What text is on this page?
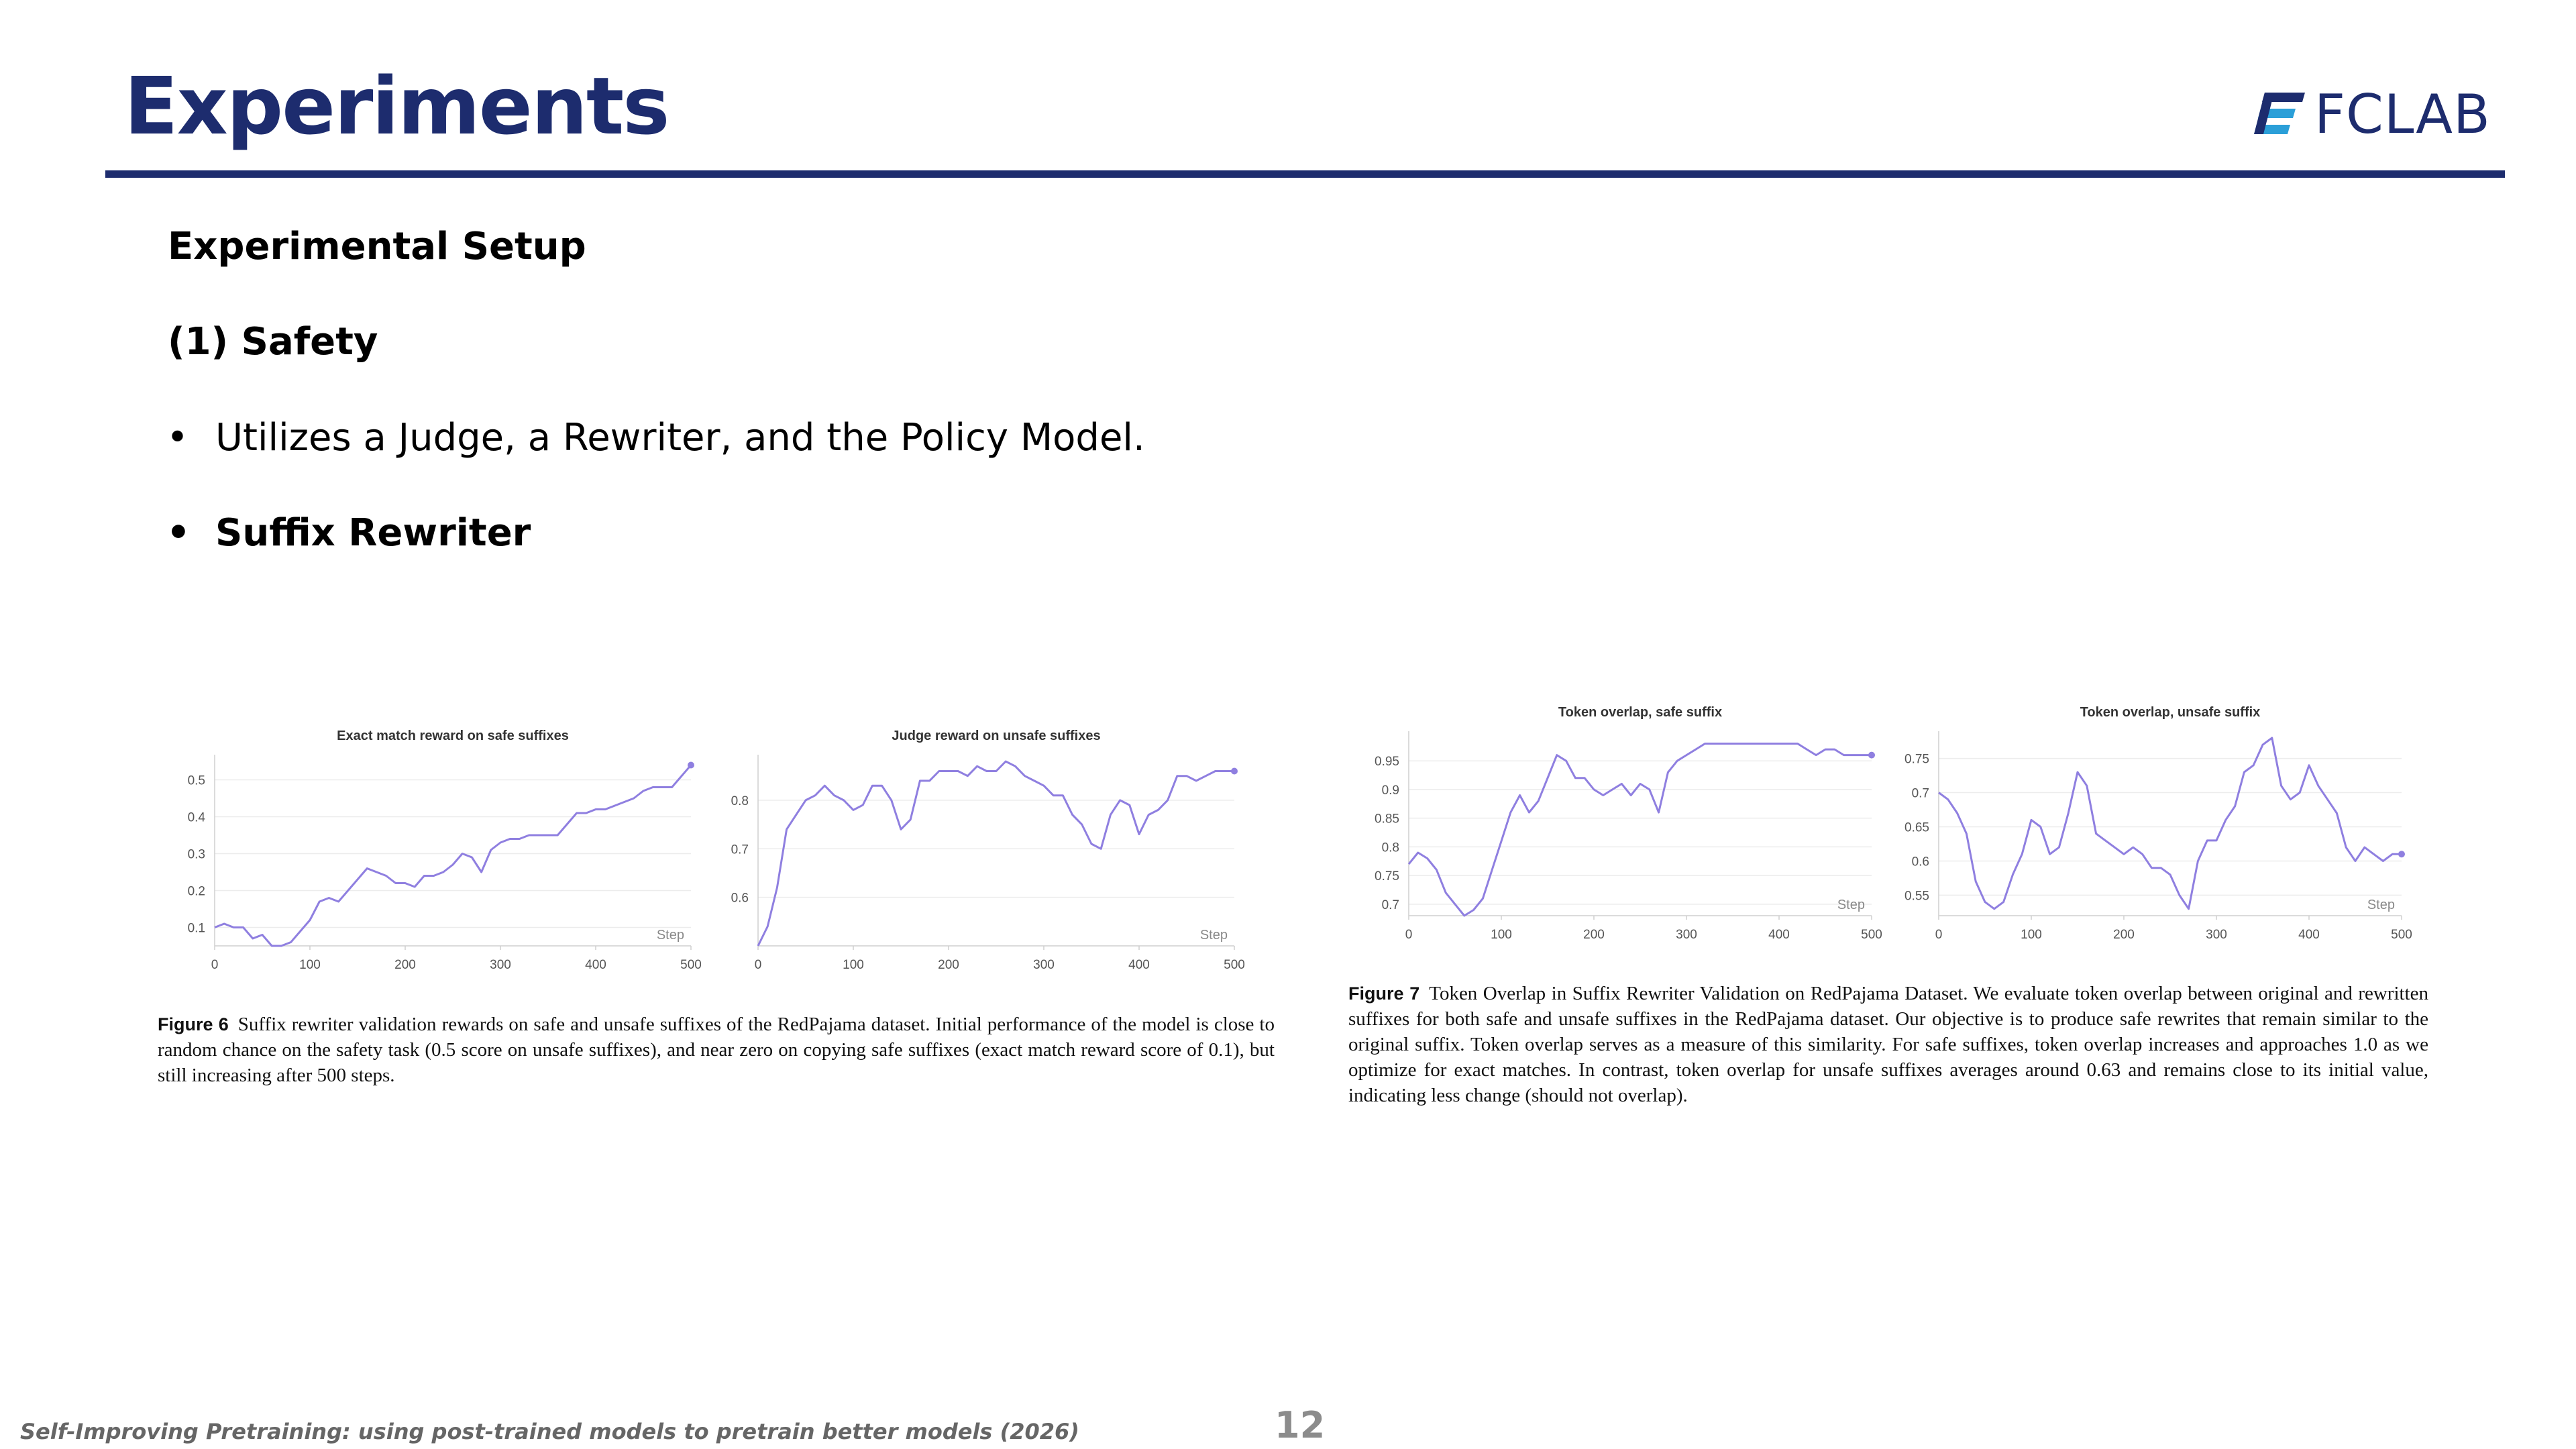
Experiments	FCLAB
Experimental Setup
(1) Safety
• Utilizes a Judge, a Rewriter, and the Policy Model.
• Suffix Rewriter
Exact match reward on safe suffixes
0.1
0.2
0.3
0.4
0.5
0	100	200	300	400	500
Step
Judge reward on unsafe suffixes
0.6
0.7
0.8
0	100	200	300	400	500
Step
Token overlap, safe suffix
0.7
0.75
0.8
0.85
0.9
0.95
0	100	200	300	400	500
Step
Token overlap, unsafe suffix
0.55
0.6
0.65
0.7
0.75
0	100	200	300	400	500
Step
Figure 6 Suffix rewriter validation rewards on safe and unsafe suffixes of the RedPajama dataset. Initial performance of the model is close to random chance on the safety task (0.5 score on unsafe suffixes), and near zero on copying safe suffixes (exact match reward score of 0.1), but still increasing after 500 steps.
Figure 7 Token Overlap in Suffix Rewriter Validation on RedPajama Dataset. We evaluate token overlap between original and rewritten suffixes for both safe and unsafe suffixes in the RedPajama dataset. Our objective is to produce safe rewrites that remain similar to the original suffix. Token overlap serves as a measure of this similarity. For safe suffixes, token overlap increases and approaches 1.0 as we optimize for exact matches. In contrast, token overlap for unsafe suffixes averages around 0.63 and remains close to its initial value, indicating less change (should not overlap).
Self-Improving Pretraining: using post-trained models to pretrain better models (2026)	12
